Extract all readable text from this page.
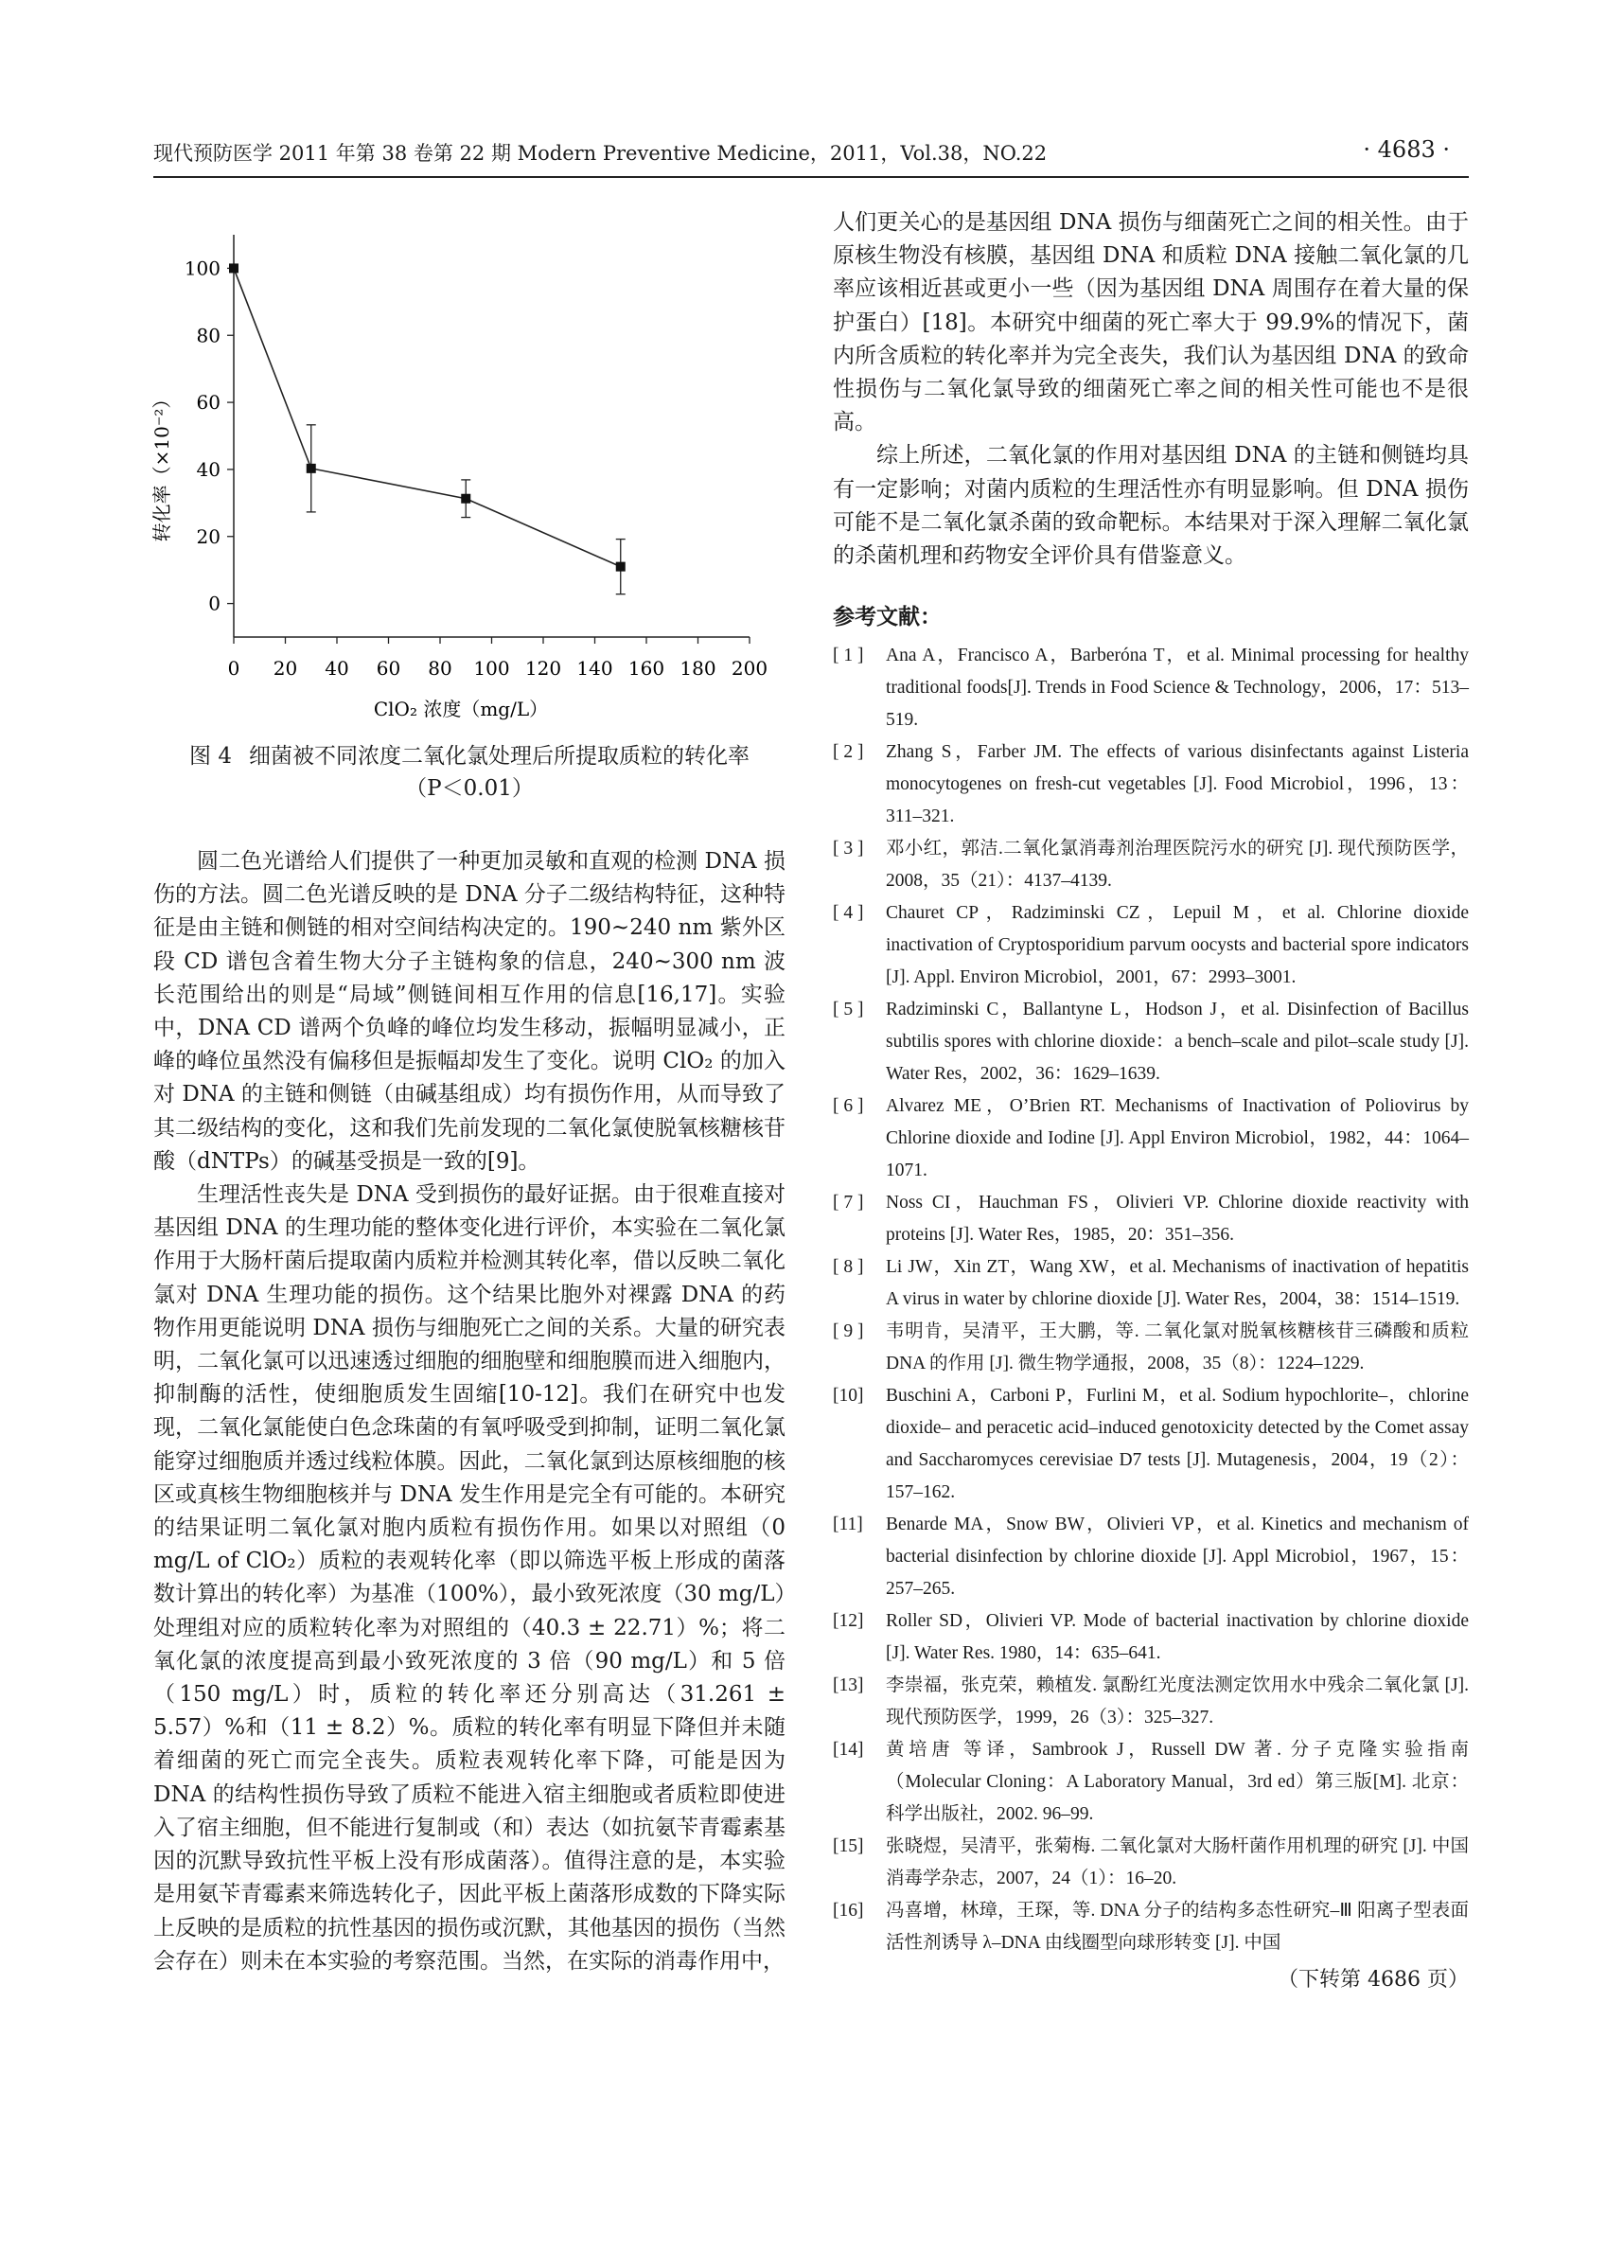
现代预防医学 2011 年第 38 卷第 22 期 Modern Preventive Medicine，2011，Vol.38，NO.22	· 4683 ·
0 20 40 60 80 100 120 140 160 180 200
0
20
40
60
80
100
ClO₂ 浓度（mg/L）
转化率（×10⁻²）
图 4 细菌被不同浓度二氧化氯处理后所提取质粒的转化率
（P＜0.01）

圆二色光谱给人们提供了一种更加灵敏和直观的检测 DNA 损伤的方法。圆二色光谱反映的是 DNA 分子二级结构特征，这种特征是由主链和侧链的相对空间结构决定的。190~240 nm 紫外区段 CD 谱包含着生物大分子主链构象的信息，240~300 nm 波长范围给出的则是“局域”侧链间相互作用的信息[16,17]。实验中，DNA CD 谱两个负峰的峰位均发生移动，振幅明显减小，正峰的峰位虽然没有偏移但是振幅却发生了变化。说明 ClO₂ 的加入对 DNA 的主链和侧链（由碱基组成）均有损伤作用，从而导致了其二级结构的变化，这和我们先前发现的二氧化氯使脱氧核糖核苷酸（dNTPs）的碱基受损是一致的[9]。

生理活性丧失是 DNA 受到损伤的最好证据。由于很难直接对基因组 DNA 的生理功能的整体变化进行评价，本实验在二氧化氯作用于大肠杆菌后提取菌内质粒并检测其转化率，借以反映二氧化氯对 DNA 生理功能的损伤。这个结果比胞外对裸露 DNA 的药物作用更能说明 DNA 损伤与细胞死亡之间的关系。大量的研究表明，二氧化氯可以迅速透过细胞的细胞壁和细胞膜而进入细胞内，抑制酶的活性，使细胞质发生固缩[10-12]。我们在研究中也发现，二氧化氯能使白色念珠菌的有氧呼吸受到抑制，证明二氧化氯能穿过细胞质并透过线粒体膜。因此，二氧化氯到达原核细胞的核区或真核生物细胞核并与 DNA 发生作用是完全有可能的。本研究的结果证明二氧化氯对胞内质粒有损伤作用。如果以对照组（0 mg/L of ClO₂）质粒的表观转化率（即以筛选平板上形成的菌落数计算出的转化率）为基准（100%），最小致死浓度（30 mg/L）处理组对应的质粒转化率为对照组的（40.3 ± 22.71）%；将二氧化氯的浓度提高到最小致死浓度的 3 倍（90 mg/L）和 5 倍（150 mg/L）时，质粒的转化率还分别高达（31.261 ± 5.57）%和（11 ± 8.2）%。质粒的转化率有明显下降但并未随着细菌的死亡而完全丧失。质粒表观转化率下降，可能是因为 DNA 的结构性损伤导致了质粒不能进入宿主细胞或者质粒即使进入了宿主细胞，但不能进行复制或（和）表达（如抗氨苄青霉素基因的沉默导致抗性平板上没有形成菌落）。值得注意的是，本实验是用氨苄青霉素来筛选转化子，因此平板上菌落形成数的下降实际上反映的是质粒的抗性基因的损伤或沉默，其他基因的损伤（当然会存在）则未在本实验的考察范围。当然，在实际的消毒作用中，

人们更关心的是基因组 DNA 损伤与细菌死亡之间的相关性。由于原核生物没有核膜，基因组 DNA 和质粒 DNA 接触二氧化氯的几率应该相近甚或更小一些（因为基因组 DNA 周围存在着大量的保护蛋白）[18]。本研究中细菌的死亡率大于 99.9%的情况下，菌内所含质粒的转化率并为完全丧失，我们认为基因组 DNA 的致命性损伤与二氧化氯导致的细菌死亡率之间的相关性可能也不是很高。

综上所述，二氧化氯的作用对基因组 DNA 的主链和侧链均具有一定影响；对菌内质粒的生理活性亦有明显影响。但 DNA 损伤可能不是二氧化氯杀菌的致命靶标。本结果对于深入理解二氧化氯的杀菌机理和药物安全评价具有借鉴意义。

参考文献：
[ 1 ] Ana A，Francisco A，Barberóna T，et al. Minimal processing for healthy traditional foods[J]. Trends in Food Science & Technology，2006，17：513–519.
[ 2 ] Zhang S，Farber JM. The effects of various disinfectants against Listeria monocytogenes on fresh-cut vegetables [J]. Food Microbiol，1996，13：311–321.
[ 3 ] 邓小红，郭洁.二氧化氯消毒剂治理医院污水的研究 [J]. 现代预防医学，2008，35（21）：4137–4139.
[ 4 ] Chauret CP，Radziminski CZ，Lepuil M，et al. Chlorine dioxide inactivation of Cryptosporidium parvum oocysts and bacterial spore indicators [J]. Appl. Environ Microbiol，2001，67：2993–3001.
[ 5 ] Radziminski C，Ballantyne L，Hodson J，et al. Disinfection of Bacillus subtilis spores with chlorine dioxide：a bench–scale and pilot–scale study [J]. Water Res，2002，36：1629–1639.
[ 6 ] Alvarez ME，O’Brien RT. Mechanisms of Inactivation of Poliovirus by Chlorine dioxide and Iodine [J]. Appl Environ Microbiol，1982，44：1064–1071.
[ 7 ] Noss CI，Hauchman FS，Olivieri VP. Chlorine dioxide reactivity with proteins [J]. Water Res，1985，20：351–356.
[ 8 ] Li JW，Xin ZT，Wang XW，et al. Mechanisms of inactivation of hepatitis A virus in water by chlorine dioxide [J]. Water Res，2004，38：1514–1519.
[ 9 ] 韦明肯，吴清平，王大鹏，等. 二氧化氯对脱氧核糖核苷三磷酸和质粒 DNA 的作用 [J]. 微生物学通报，2008，35（8）：1224–1229.
[10] Buschini A，Carboni P，Furlini M，et al. Sodium hypochlorite–，chlorine dioxide– and peracetic acid–induced genotoxicity detected by the Comet assay and Saccharomyces cerevisiae D7 tests [J]. Mutagenesis，2004，19（2）：157–162.
[11] Benarde MA，Snow BW，Olivieri VP，et al. Kinetics and mechanism of bacterial disinfection by chlorine dioxide [J]. Appl Microbiol，1967，15：257–265.
[12] Roller SD，Olivieri VP. Mode of bacterial inactivation by chlorine dioxide [J]. Water Res. 1980，14：635–641.
[13] 李崇福，张克荣，赖植发. 氯酚红光度法测定饮用水中残余二氧化氯 [J]. 现代预防医学，1999，26（3）：325–327.
[14] 黄培唐 等译，Sambrook J，Russell DW 著. 分子克隆实验指南（Molecular Cloning：A Laboratory Manual，3rd ed）第三版[M]. 北京：科学出版社，2002. 96–99.
[15] 张晓煜，吴清平，张菊梅. 二氧化氯对大肠杆菌作用机理的研究 [J]. 中国消毒学杂志，2007，24（1）：16–20.
[16] 冯喜增，林璋，王琛，等. DNA 分子的结构多态性研究–Ⅲ 阳离子型表面活性剂诱导 λ–DNA 由线圈型向球形转变 [J]. 中国
（下转第 4686 页）
